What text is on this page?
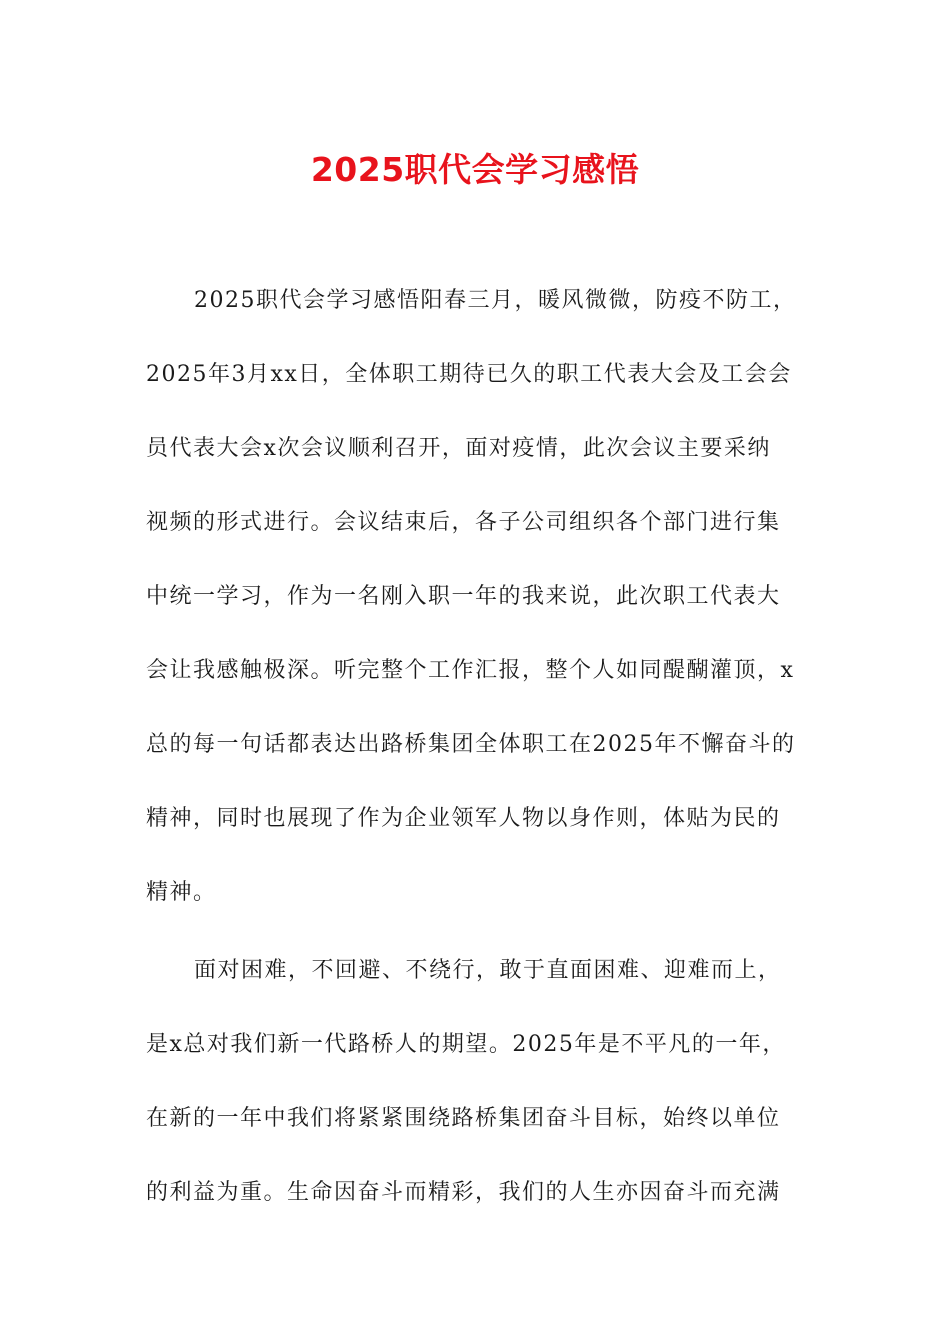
2025职代会学习感悟
2025职代会学习感悟阳春三月，暖风微微，防疫不防工，
2025年3月xx日，全体职工期待已久的职工代表大会及工会会
员代表大会x次会议顺利召开，面对疫情，此次会议主要采纳
视频的形式进行。会议结束后，各子公司组织各个部门进行集
中统一学习，作为一名刚入职一年的我来说，此次职工代表大
会让我感触极深。听完整个工作汇报，整个人如同醍醐灌顶，x
总的每一句话都表达出路桥集团全体职工在2025年不懈奋斗的
精神，同时也展现了作为企业领军人物以身作则，体贴为民的
精神。
面对困难，不回避、不绕行，敢于直面困难、迎难而上，
是x总对我们新一代路桥人的期望。2025年是不平凡的一年，
在新的一年中我们将紧紧围绕路桥集团奋斗目标，始终以单位
的利益为重。生命因奋斗而精彩，我们的人生亦因奋斗而充满
